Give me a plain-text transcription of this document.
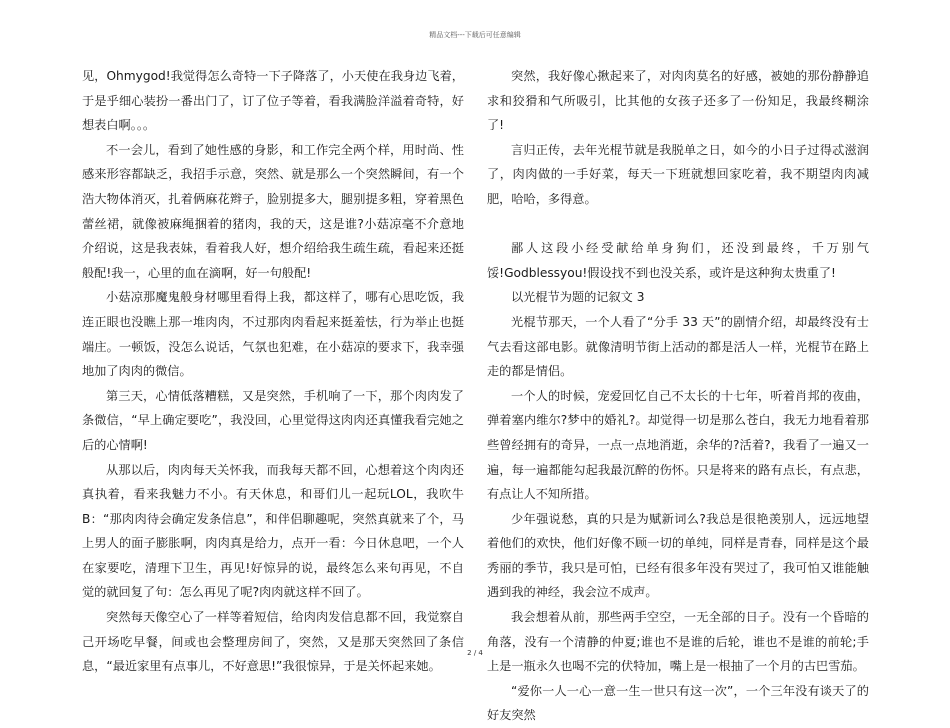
精品文档---下载后可任意编辑

见，Ohmygod!我觉得怎么奇特一下子降落了，小天使在我身边飞着，于是乎细心装扮一番出门了，订了位子等着，看我满脸洋溢着奇特，好想表白啊。。。

不一会儿，看到了她性感的身影，和工作完全两个样，用时尚、性感来形容都缺乏，我招手示意，突然、就是那么一个突然瞬间，有一个浩大物体消灭，扎着俩麻花辫子，脸别提多大，腿别提多粗，穿着黑色蕾丝裙，就像被麻绳捆着的猪肉，我的天，这是谁?小菇凉毫不介意地介绍说，这是我表妹，看着我人好，想介绍给我生疏生疏，看起来还挺般配!我一，心里的血在滴啊，好一句般配!

小菇凉那魔鬼般身材哪里看得上我，都这样了，哪有心思吃饭，我连正眼也没瞧上那一堆肉肉，不过那肉肉看起来挺羞怯，行为举止也挺端庄。一顿饭，没怎么说话，气氛也犯难，在小菇凉的要求下，我幸强地加了肉肉的微信。

第三天，心情低落糟糕，又是突然，手机响了一下，那个肉肉发了条微信，“早上确定要吃”，我没回，心里觉得这肉肉还真懂我看完她之后的心情啊!

从那以后，肉肉每天关怀我，而我每天都不回，心想着这个肉肉还真执着，看来我魅力不小。有天休息，和哥们儿一起玩LOL，我吹牛B：“那肉肉待会确定发条信息”，和伴侣聊趣呢，突然真就来了个，马上男人的面子膨胀啊，肉肉真是给力，点开一看：今日休息吧，一个人在家要吃，清理下卫生，再见!好惊异的说，最终怎么来句再见，不自觉的就回复了句：怎么再见了呢?肉肉就这样不回了。

突然每天像空心了一样等着短信，给肉肉发信息都不回，我觉察自己开场吃早餐，间或也会整理房间了，突然，又是那天突然回了条信息，“最近家里有点事儿，不好意思!”我很惊异，于是关怀起来她。

突然，我好像心揪起来了，对肉肉莫名的好感，被她的那份静静追求和狡猾和气所吸引，比其他的女孩子还多了一份知足，我最终糊涂了!

言归正传，去年光棍节就是我脱单之日，如今的小日子过得忒滋润了，肉肉做的一手好菜，每天一下班就想回家吃着，我不期望肉肉减肥，哈哈，多得意。

鄙人这段小经受献给单身狗们，还没到最终，千万别气馁!Godblessyou!假设找不到也没关系，或许是这种狗太贵重了!

以光棍节为题的记叙文 3

光棍节那天，一个人看了“分手 33 天”的剧情介绍，却最终没有士气去看这部电影。就像清明节街上活动的都是活人一样，光棍节在路上走的都是情侣。

一个人的时候，宠爱回忆自己不太长的十七年，听着肖邦的夜曲，弹着塞内维尔?梦中的婚礼?。却觉得一切是那么苍白，我无力地看着那些曾经拥有的奇异，一点一点地消逝，余华的?活着?，我看了一遍又一遍，每一遍都能勾起我最沉醉的伤怀。只是将来的路有点长，有点悲，有点让人不知所措。

少年强说愁，真的只是为赋新词么?我总是很艳羡别人，远远地望着他们的欢快，他们好像不顾一切的单纯，同样是青春，同样是这个最秀丽的季节，我只是可怕，已经有很多年没有哭过了，我可怕又谁能触遇到我的神经，我会泣不成声。

我会想着从前，那些两手空空，一无全部的日子。没有一个昏暗的角落，没有一个清静的仲夏;谁也不是谁的后轮，谁也不是谁的前轮;手上是一瓶永久也喝不完的伏特加，嘴上是一根抽了一个月的古巴雪茄。

“爱你一人一心一意一生一世只有这一次”，一个三年没有谈天了的好友突然

2 / 4
